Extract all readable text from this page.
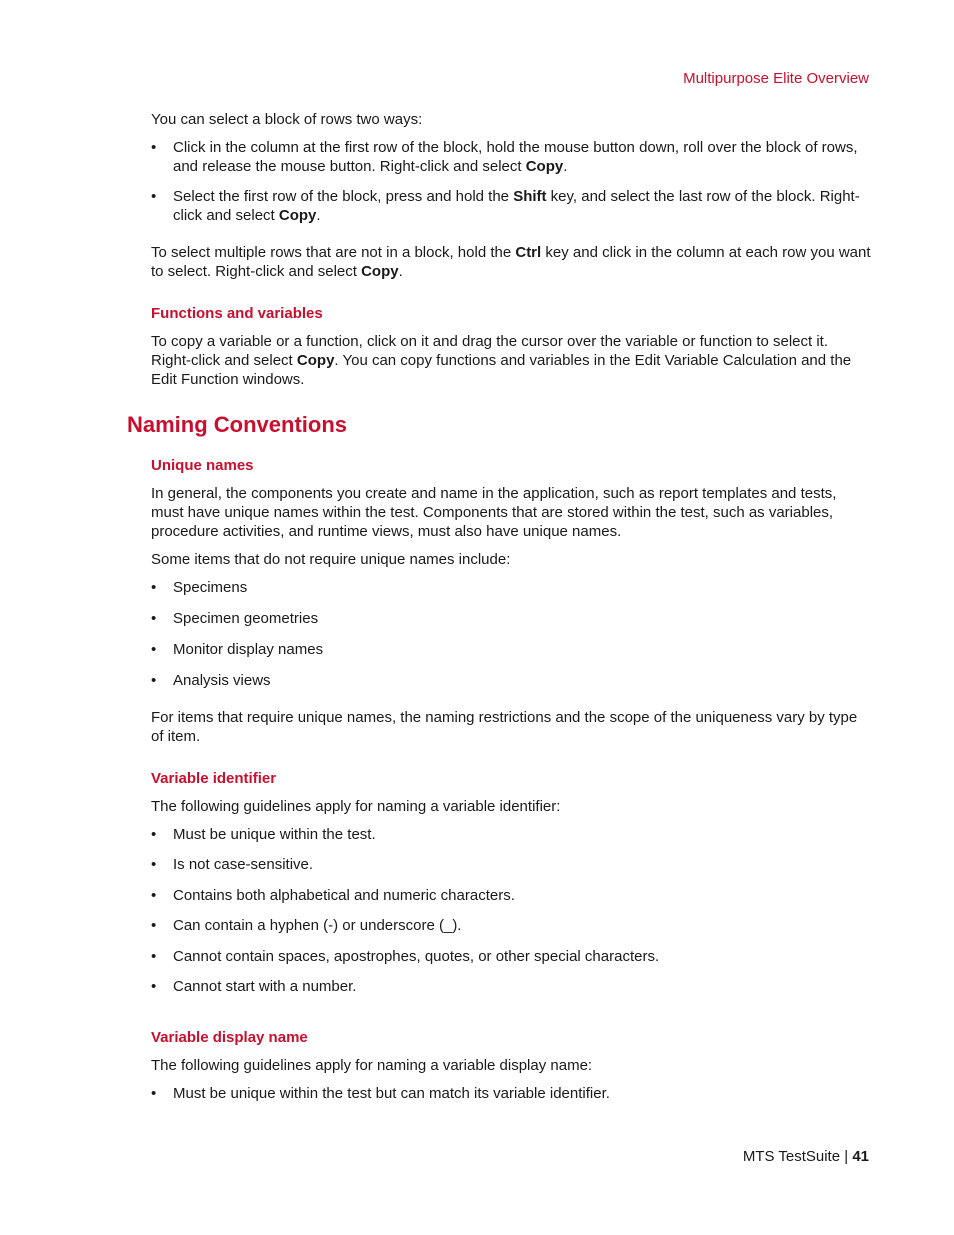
Multipurpose Elite Overview

You can select a block of rows two ways:

• Click in the column at the first row of the block, hold the mouse button down, roll over the block of rows, and release the mouse button. Right-click and select Copy.
• Select the first row of the block, press and hold the Shift key, and select the last row of the block. Right-click and select Copy.

To select multiple rows that are not in a block, hold the Ctrl key and click in the column at each row you want to select. Right-click and select Copy.

Functions and variables

To copy a variable or a function, click on it and drag the cursor over the variable or function to select it. Right-click and select Copy. You can copy functions and variables in the Edit Variable Calculation and the Edit Function windows.

Naming Conventions
Unique names

In general, the components you create and name in the application, such as report templates and tests, must have unique names within the test. Components that are stored within the test, such as variables, procedure activities, and runtime views, must also have unique names.

Some items that do not require unique names include:

• Specimens
• Specimen geometries
• Monitor display names
• Analysis views

For items that require unique names, the naming restrictions and the scope of the uniqueness vary by type of item.

Variable identifier

The following guidelines apply for naming a variable identifier:

• Must be unique within the test.
• Is not case-sensitive.
• Contains both alphabetical and numeric characters.
• Can contain a hyphen (-) or underscore (_).
• Cannot contain spaces, apostrophes, quotes, or other special characters.
• Cannot start with a number.
Variable display name

The following guidelines apply for naming a variable display name:

• Must be unique within the test but can match its variable identifier.
MTS TestSuite | 41
